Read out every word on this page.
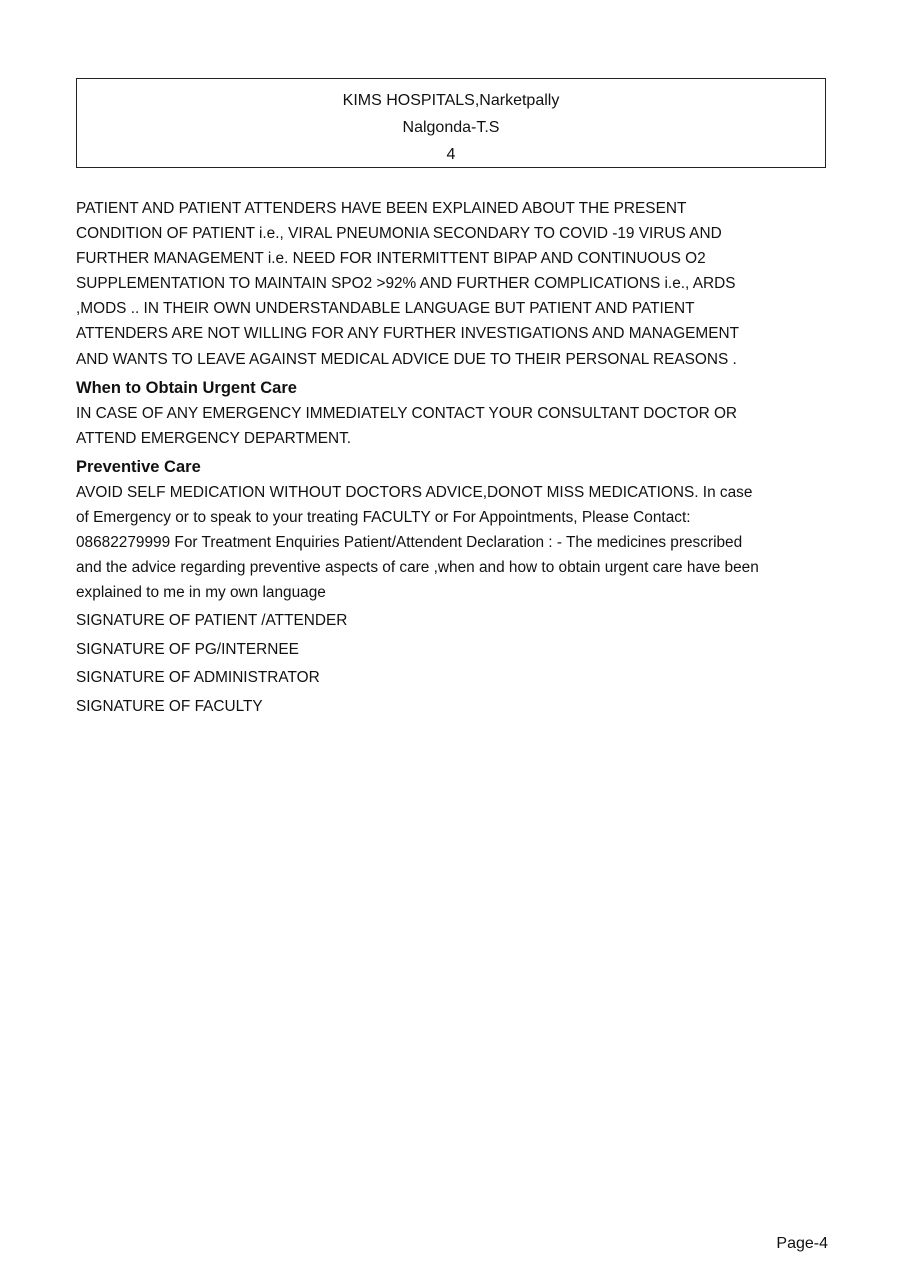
KIMS HOSPITALS,Narketpally
Nalgonda-T.S
4

PATIENT AND PATIENT ATTENDERS HAVE BEEN EXPLAINED ABOUT THE PRESENT
CONDITION OF PATIENT i.e., VIRAL PNEUMONIA SECONDARY TO COVID -19 VIRUS AND
FURTHER MANAGEMENT i.e. NEED FOR INTERMITTENT BIPAP AND CONTINUOUS O2
SUPPLEMENTATION TO MAINTAIN SPO2 >92% AND FURTHER COMPLICATIONS i.e., ARDS
,MODS .. IN THEIR OWN UNDERSTANDABLE LANGUAGE BUT PATIENT AND PATIENT
ATTENDERS ARE NOT WILLING FOR ANY FURTHER INVESTIGATIONS AND MANAGEMENT
AND WANTS TO LEAVE AGAINST MEDICAL ADVICE DUE TO THEIR PERSONAL REASONS .

When to Obtain Urgent Care

IN CASE OF ANY EMERGENCY IMMEDIATELY CONTACT YOUR CONSULTANT DOCTOR OR
ATTEND EMERGENCY DEPARTMENT.

Preventive Care

AVOID SELF MEDICATION WITHOUT DOCTORS ADVICE,DONOT MISS MEDICATIONS. In case
of Emergency or to speak to your treating FACULTY or For Appointments, Please Contact:
08682279999 For Treatment Enquiries Patient/Attendent Declaration : - The medicines prescribed
and the advice regarding preventive aspects of care ,when and how to obtain urgent care have been
explained to me in my own language

SIGNATURE OF PATIENT /ATTENDER

SIGNATURE OF PG/INTERNEE

SIGNATURE OF ADMINISTRATOR

SIGNATURE OF FACULTY

Page-4
